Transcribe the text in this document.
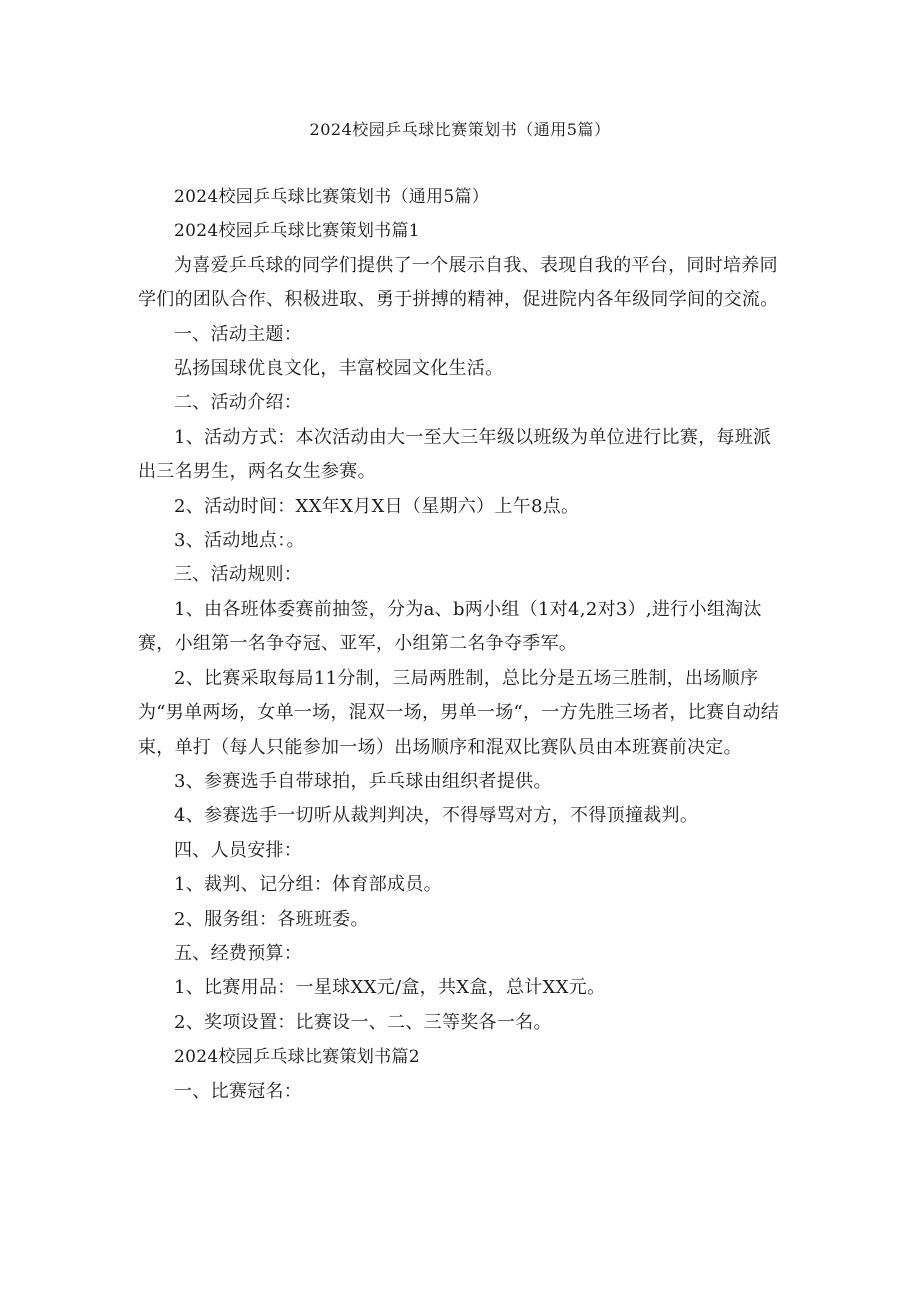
2024校园乒乓球比赛策划书（通用5篇）

2024校园乒乓球比赛策划书（通用5篇）

2024校园乒乓球比赛策划书篇1

为喜爱乒乓球的同学们提供了一个展示自我、表现自我的平台，同时培养同学们的团队合作、积极进取、勇于拼搏的精神，促进院内各年级同学间的交流。

一、活动主题：

弘扬国球优良文化，丰富校园文化生活。

二、活动介绍：

1、活动方式：本次活动由大一至大三年级以班级为单位进行比赛，每班派出三名男生，两名女生参赛。

2、活动时间：XX年X月X日（星期六）上午8点。

3、活动地点：。

三、活动规则：

1、由各班体委赛前抽签，分为a、b两小组（1对4,2对3）,进行小组淘汰赛，小组第一名争夺冠、亚军，小组第二名争夺季军。

2、比赛采取每局11分制，三局两胜制，总比分是五场三胜制，出场顺序为“男单两场，女单一场，混双一场，男单一场“，一方先胜三场者，比赛自动结束，单打（每人只能参加一场）出场顺序和混双比赛队员由本班赛前决定。

3、参赛选手自带球拍，乒乓球由组织者提供。

4、参赛选手一切听从裁判判决，不得辱骂对方，不得顶撞裁判。

四、人员安排：

1、裁判、记分组：体育部成员。

2、服务组：各班班委。

五、经费预算：

1、比赛用品：一星球XX元/盒，共X盒，总计XX元。

2、奖项设置：比赛设一、二、三等奖各一名。

2024校园乒乓球比赛策划书篇2

一、比赛冠名：
